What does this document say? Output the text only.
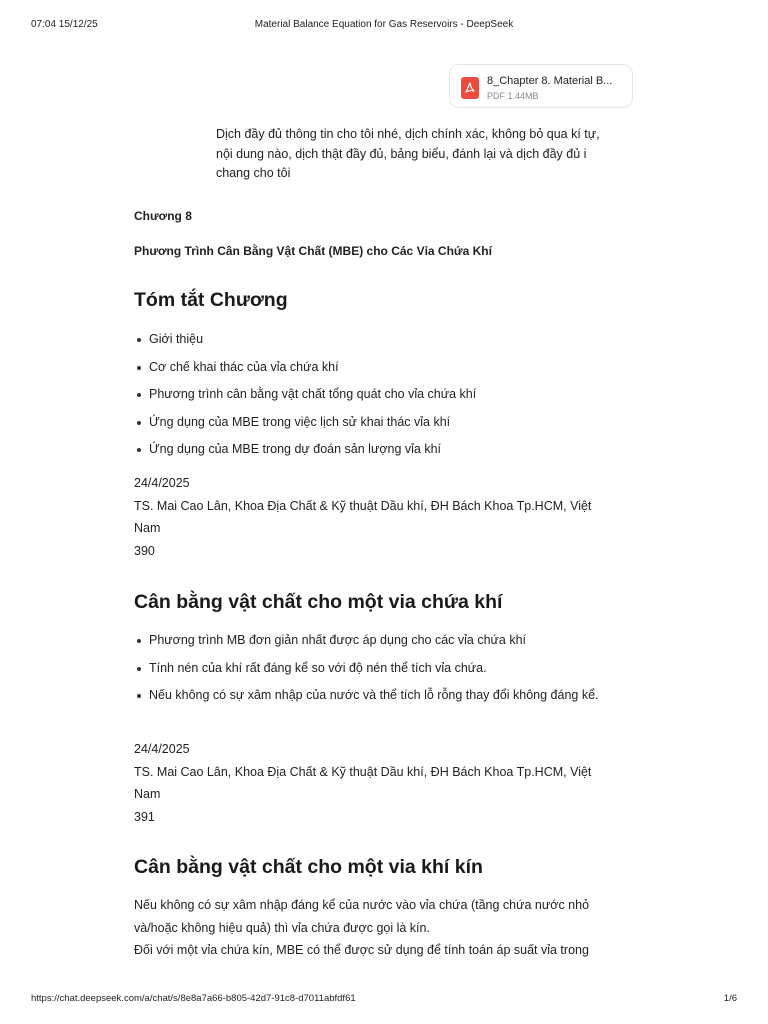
07:04 15/12/25	Material Balance Equation for Gas Reservoirs - DeepSeek
8_Chapter 8. Material B...
PDF 1.44MB
Dịch đầy đủ thông tin cho tôi nhé, dịch chính xác, không bỏ qua kí tự,
nội dung nào, dịch thật đầy đủ, bảng biểu, đánh lại và dịch đầy đủ i
chang cho tôi
Chương 8
Phương Trình Cân Bằng Vật Chất (MBE) cho Các Vỉa Chứa Khí
Tóm tắt Chương
Giới thiệu
Cơ chế khai thác của vỉa chứa khí
Phương trình cân bằng vật chất tổng quát cho vỉa chứa khí
Ứng dụng của MBE trong việc lịch sử khai thác vỉa khí
Ứng dụng của MBE trong dự đoán sản lượng vỉa khí
24/4/2025
TS. Mai Cao Lân, Khoa Địa Chất & Kỹ thuật Dầu khí, ĐH Bách Khoa Tp.HCM, Việt
Nam
390
Cân bằng vật chất cho một via chứa khí
Phương trình MB đơn giản nhất được áp dụng cho các vỉa chứa khí
Tính nén của khí rất đáng kể so với độ nén thể tích vỉa chứa.
Nếu không có sự xâm nhập của nước và thể tích lỗ rỗng thay đổi không đáng kể.
24/4/2025
TS. Mai Cao Lân, Khoa Địa Chất & Kỹ thuật Dầu khí, ĐH Bách Khoa Tp.HCM, Việt
Nam
391
Cân bằng vật chất cho một via khí kín
Nếu không có sự xâm nhập đáng kể của nước vào vỉa chứa (tầng chứa nước nhỏ
và/hoặc không hiệu quả) thì vỉa chứa được gọi là kín.
Đối với một vỉa chứa kín, MBE có thể được sử dụng để tính toán áp suất vỉa trong
https://chat.deepseek.com/a/chat/s/8e8a7a66-b805-42d7-91c8-d7011abfdf61	1/6
